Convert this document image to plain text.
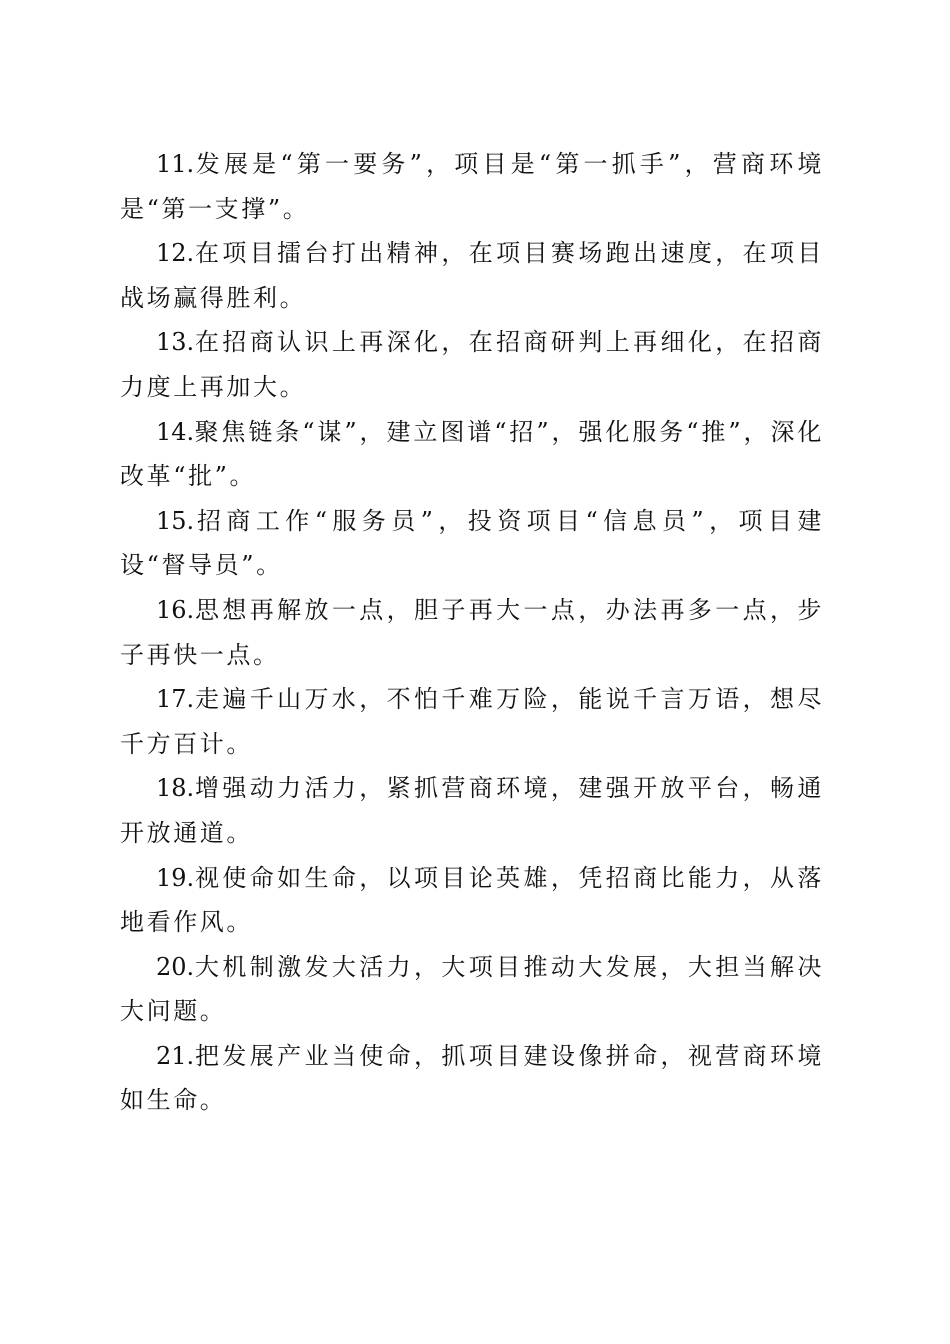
11.发展是“第一要务”，项目是“第一抓手”，营商环境是“第一支撑”。

12.在项目擂台打出精神，在项目赛场跑出速度，在项目战场赢得胜利。

13.在招商认识上再深化，在招商研判上再细化，在招商力度上再加大。

14.聚焦链条“谋”，建立图谱“招”，强化服务“推”，深化改革“批”。

15.招商工作“服务员”，投资项目“信息员”，项目建设“督导员”。

16.思想再解放一点，胆子再大一点，办法再多一点，步子再快一点。

17.走遍千山万水，不怕千难万险，能说千言万语，想尽千方百计。

18.增强动力活力，紧抓营商环境，建强开放平台，畅通开放通道。

19.视使命如生命，以项目论英雄，凭招商比能力，从落地看作风。

20.大机制激发大活力，大项目推动大发展，大担当解决大问题。

21.把发展产业当使命，抓项目建设像拼命，视营商环境如生命。
